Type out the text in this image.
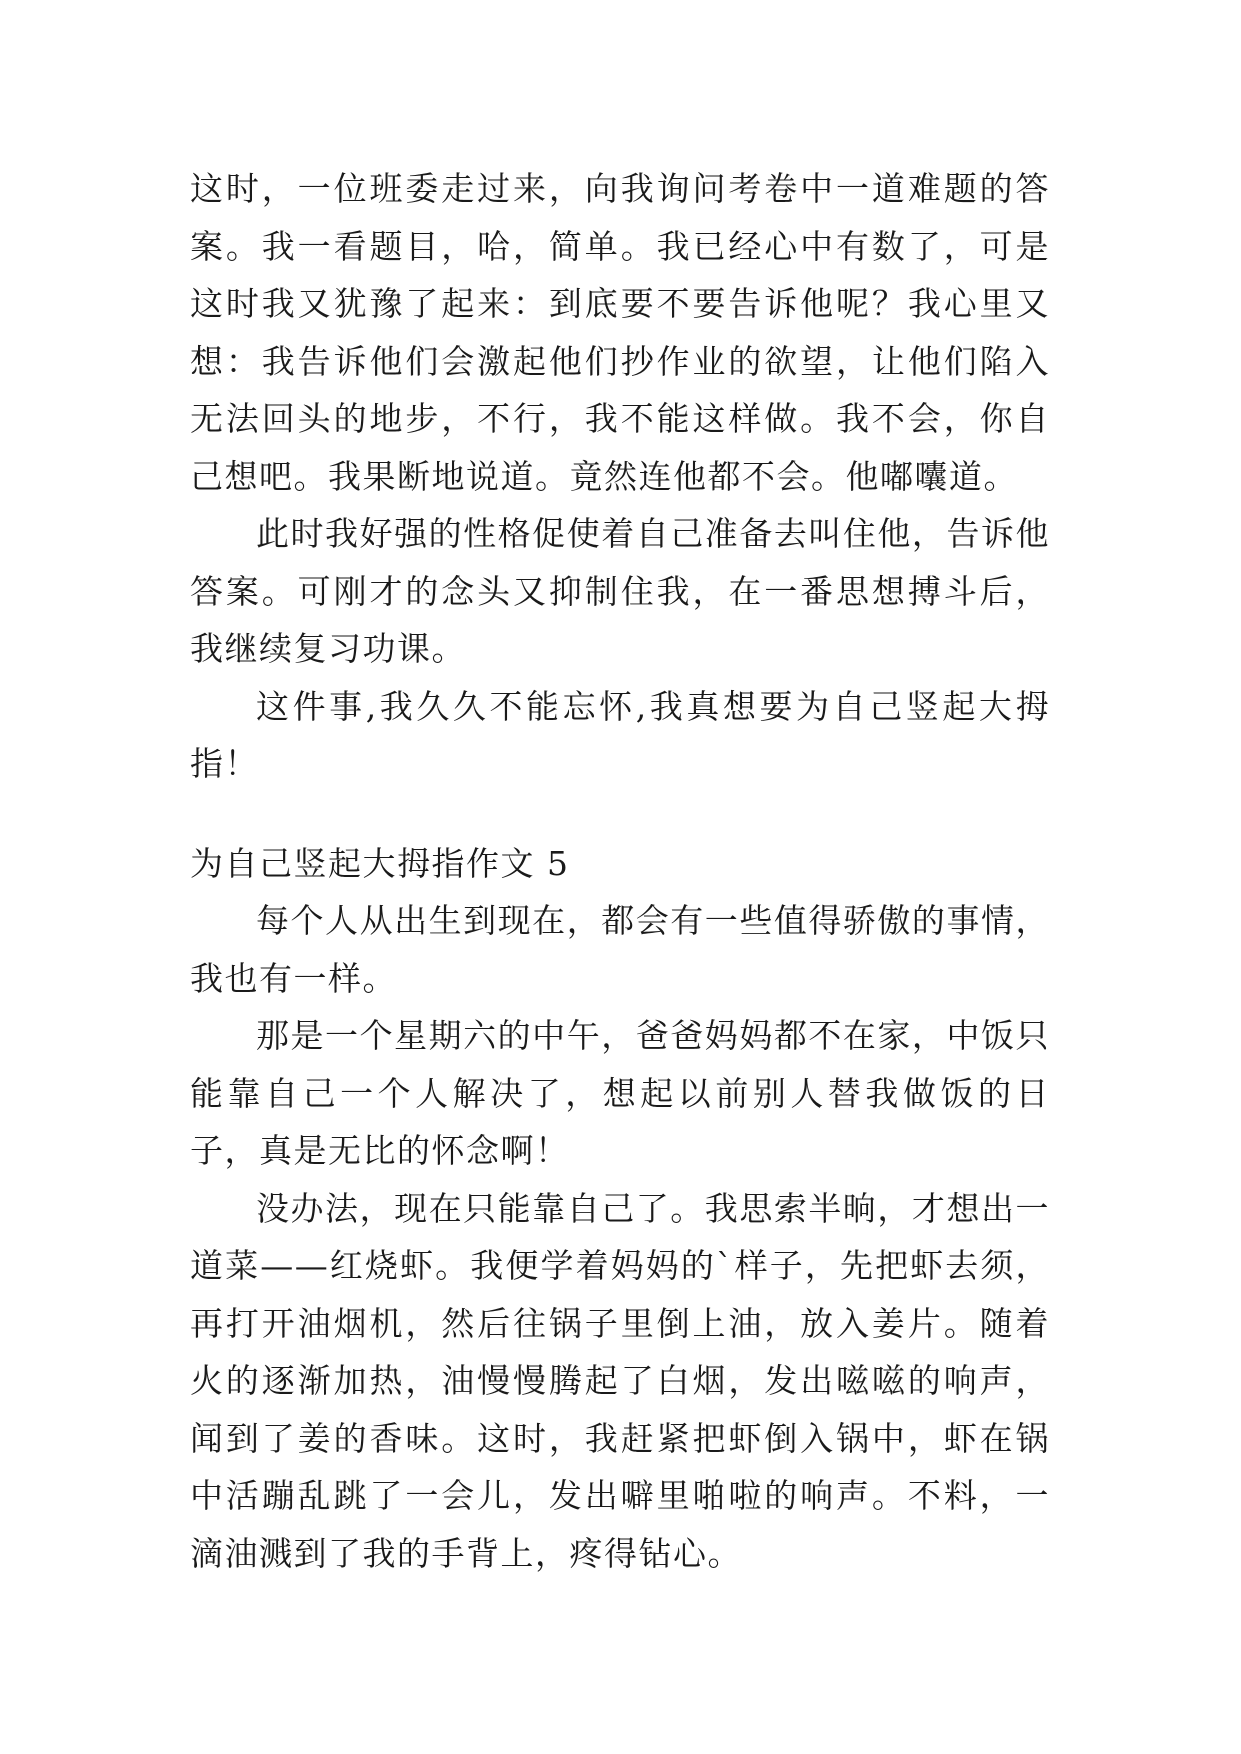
这时，一位班委走过来，向我询问考卷中一道难题的答案。我一看题目，哈，简单。我已经心中有数了，可是这时我又犹豫了起来：到底要不要告诉他呢？我心里又想：我告诉他们会激起他们抄作业的欲望，让他们陷入无法回头的地步，不行，我不能这样做。我不会，你自己想吧。我果断地说道。竟然连他都不会。他嘟囔道。

此时我好强的性格促使着自己准备去叫住他，告诉他答案。可刚才的念头又抑制住我，在一番思想搏斗后，我继续复习功课。

这件事,我久久不能忘怀,我真想要为自己竖起大拇指！

为自己竖起大拇指作文 5

每个人从出生到现在，都会有一些值得骄傲的事情，我也有一样。

那是一个星期六的中午，爸爸妈妈都不在家，中饭只能靠自己一个人解决了，想起以前别人替我做饭的日子，真是无比的怀念啊！

没办法，现在只能靠自己了。我思索半晌，才想出一道菜——红烧虾。我便学着妈妈的`样子，先把虾去须，再打开油烟机，然后往锅子里倒上油，放入姜片。随着火的逐渐加热，油慢慢腾起了白烟，发出嗞嗞的响声，闻到了姜的香味。这时，我赶紧把虾倒入锅中，虾在锅中活蹦乱跳了一会儿，发出噼里啪啦的响声。不料，一滴油溅到了我的手背上，疼得钻心。
